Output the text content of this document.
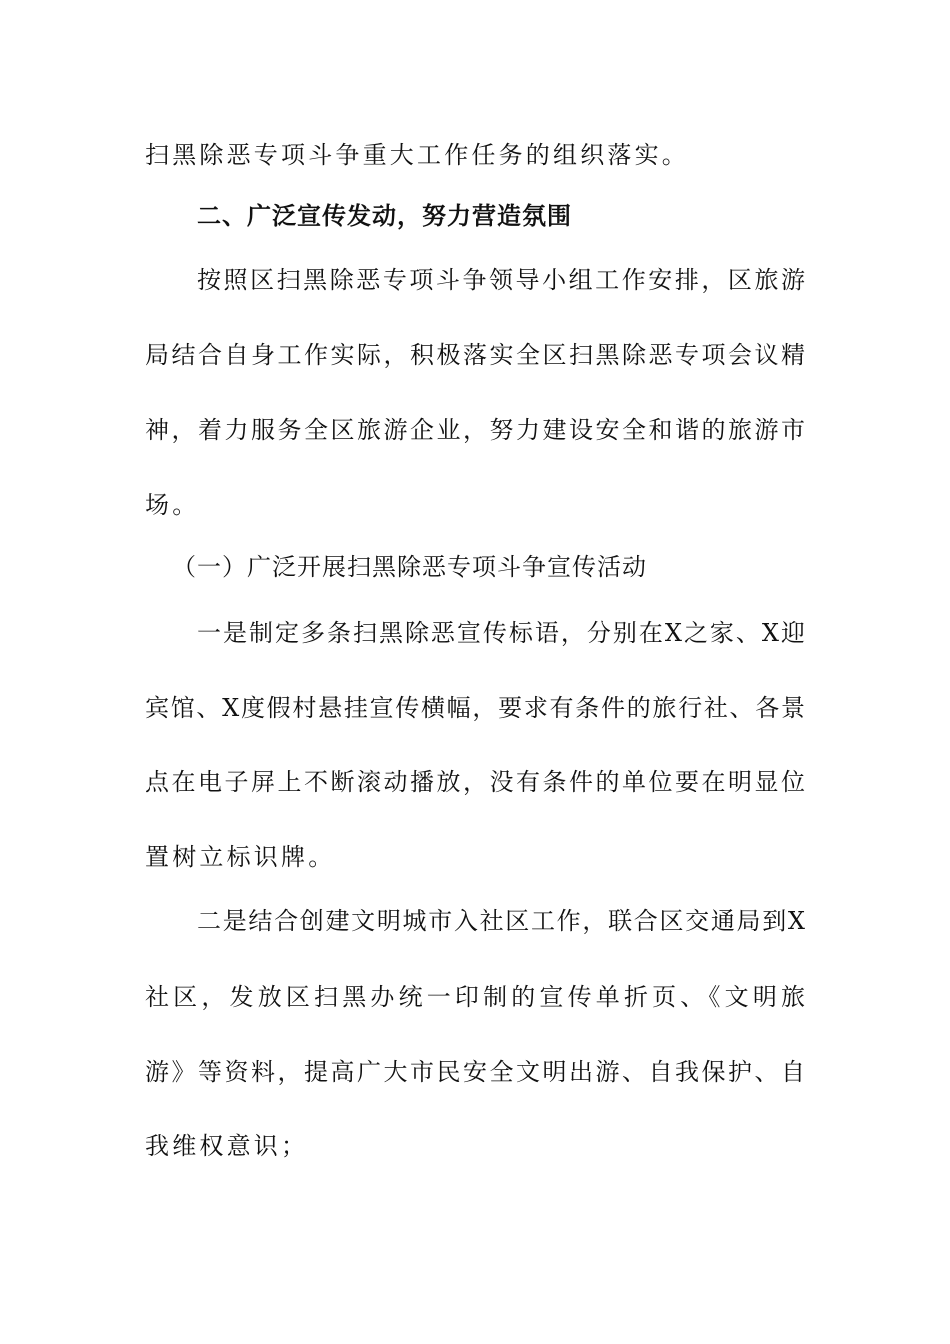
扫黑除恶专项斗争重大工作任务的组织落实。
二、广泛宣传发动，努力营造氛围
按照区扫黑除恶专项斗争领导小组工作安排，区旅游
局结合自身工作实际，积极落实全区扫黑除恶专项会议精
神，着力服务全区旅游企业，努力建设安全和谐的旅游市
场。
（一）广泛开展扫黑除恶专项斗争宣传活动
一是制定多条扫黑除恶宣传标语，分别在X之家、X迎
宾馆、X度假村悬挂宣传横幅，要求有条件的旅行社、各景
点在电子屏上不断滚动播放，没有条件的单位要在明显位
置树立标识牌。
二是结合创建文明城市入社区工作，联合区交通局到X
社区，发放区扫黑办统一印制的宣传单折页、《文明旅
游》等资料，提高广大市民安全文明出游、自我保护、自
我维权意识；
